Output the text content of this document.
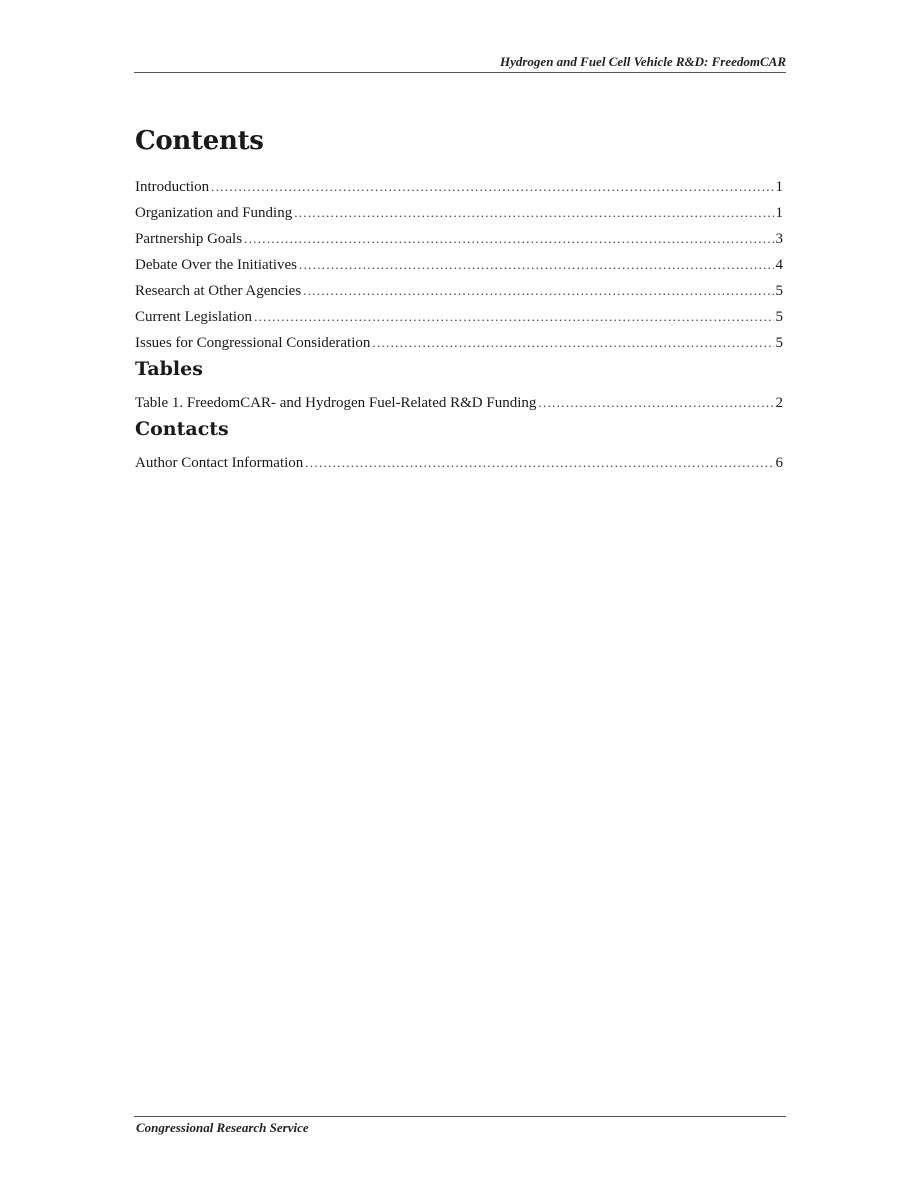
Hydrogen and Fuel Cell Vehicle R&D: FreedomCAR
Contents
Introduction .....	1
Organization and Funding .....	1
Partnership Goals .....	3
Debate Over the Initiatives .....	4
Research at Other Agencies .....	5
Current Legislation .....	5
Issues for Congressional Consideration .....	5
Tables
Table 1. FreedomCAR- and Hydrogen Fuel-Related R&D Funding .....	2
Contacts
Author Contact Information .....	6
Congressional Research Service
